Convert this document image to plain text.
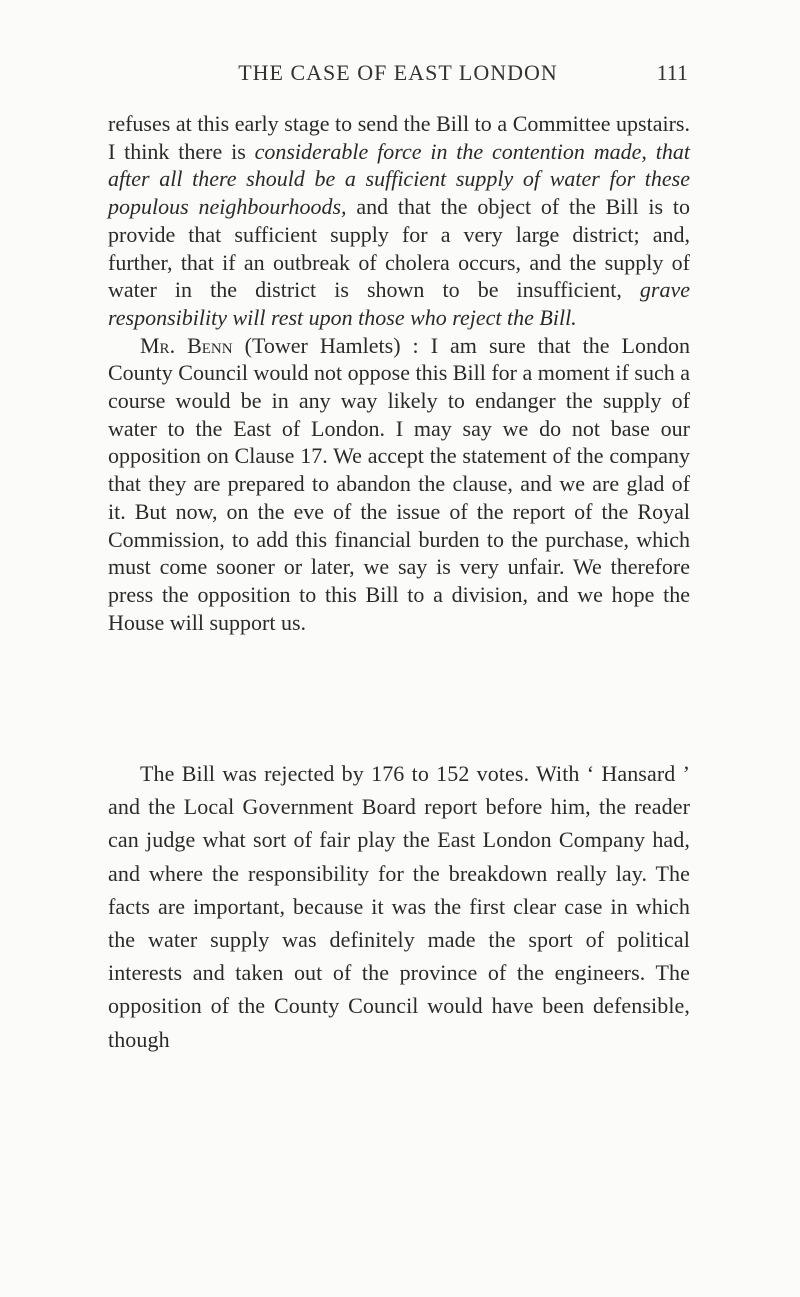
THE CASE OF EAST LONDON	111

refuses at this early stage to send the Bill to a Committee upstairs. I think there is considerable force in the contention made, that after all there should be a sufficient supply of water for these populous neighbourhoods, and that the object of the Bill is to provide that sufficient supply for a very large district; and, further, that if an outbreak of cholera occurs, and the supply of water in the district is shown to be insufficient, grave responsibility will rest upon those who reject the Bill.

Mr. Benn (Tower Hamlets) : I am sure that the London County Council would not oppose this Bill for a moment if such a course would be in any way likely to endanger the supply of water to the East of London. I may say we do not base our opposition on Clause 17. We accept the statement of the company that they are prepared to abandon the clause, and we are glad of it. But now, on the eve of the issue of the report of the Royal Commission, to add this financial burden to the purchase, which must come sooner or later, we say is very unfair. We therefore press the opposition to this Bill to a division, and we hope the House will support us.

The Bill was rejected by 176 to 152 votes. With ‘ Hansard ’ and the Local Government Board report before him, the reader can judge what sort of fair play the East London Company had, and where the responsibility for the breakdown really lay. The facts are important, because it was the first clear case in which the water supply was definitely made the sport of political interests and taken out of the province of the engineers. The opposition of the County Council would have been defensible, though
